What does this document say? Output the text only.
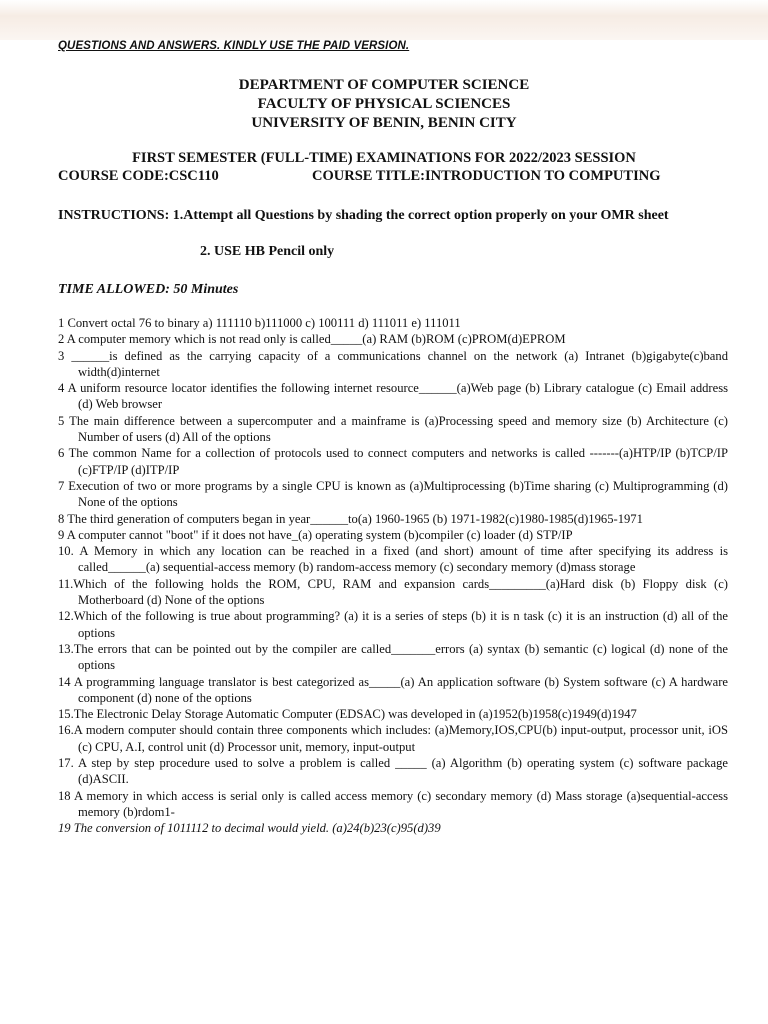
QUESTIONS AND ANSWERS. KINDLY USE THE PAID VERSION.
DEPARTMENT OF COMPUTER SCIENCE
FACULTY OF PHYSICAL SCIENCES
UNIVERSITY OF BENIN, BENIN CITY
FIRST SEMESTER (FULL-TIME) EXAMINATIONS FOR 2022/2023 SESSION
COURSE CODE:CSC110	COURSE TITLE:INTRODUCTION TO COMPUTING
INSTRUCTIONS: 1.Attempt all Questions by shading the correct option properly on your OMR sheet
2. USE HB Pencil only
TIME ALLOWED: 50 Minutes

1 Convert octal 76 to binary a) 111110 b)111000 c) 100111 d) 111011 e) 111011

2 A computer memory which is not read only is called_____(a) RAM (b)ROM (c)PROM(d)EPROM

3 ______is defined as the carrying capacity of a communications channel on the network (a) Intranet (b)gigabyte(c)band width(d)internet

4 A uniform resource locator identifies the following internet resource______(a)Web page (b) Library catalogue (c) Email address (d) Web browser

5 The main difference between a supercomputer and a mainframe is (a)Processing speed and memory size (b) Architecture (c) Number of users (d) All of the options

6 The common Name for a collection of protocols used to connect computers and networks is called -------(a)HTP/IP (b)TCP/IP (c)FTP/IP (d)ITP/IP

7 Execution of two or more programs by a single CPU is known as (a)Multiprocessing (b)Time sharing (c) Multiprogramming (d) None of the options

8 The third generation of computers began in year______to(a) 1960-1965 (b) 1971-1982(c)1980-1985(d)1965-1971

9 A computer cannot "boot" if it does not have_(a) operating system (b)compiler (c) loader (d) STP/IP

10. A Memory in which any location can be reached in a fixed (and short) amount of time after specifying its address is called______(a) sequential-access memory (b) random-access memory (c) secondary memory (d)mass storage

11.Which of the following holds the ROM, CPU, RAM and expansion cards_________(a)Hard disk (b) Floppy disk (c) Motherboard (d) None of the options

12.Which of the following is true about programming? (a) it is a series of steps (b) it is n task (c) it is an instruction (d) all of the options

13.The errors that can be pointed out by the compiler are called_______errors (a) syntax (b) semantic (c) logical (d) none of the options

14 A programming language translator is best categorized as_____(a) An application software (b) System software (c) A hardware component (d) none of the options

15.The Electronic Delay Storage Automatic Computer (EDSAC) was developed in (a)1952(b)1958(c)1949(d)1947

16.A modern computer should contain three components which includes: (a)Memory,IOS,CPU(b) input-output, processor unit, iOS (c) CPU, A.I, control unit (d) Processor unit, memory, input-output

17. A step by step procedure used to solve a problem is called _____ (a) Algorithm (b) operating system (c) software package (d)ASCII.

18 A memory in which access is serial only is called access memory (c) secondary memory (d) Mass storage (a)sequential-access memory (b)rdom1-

19 The conversion of 1011112 to decimal would yield. (a)24(b)23(c)95(d)39
